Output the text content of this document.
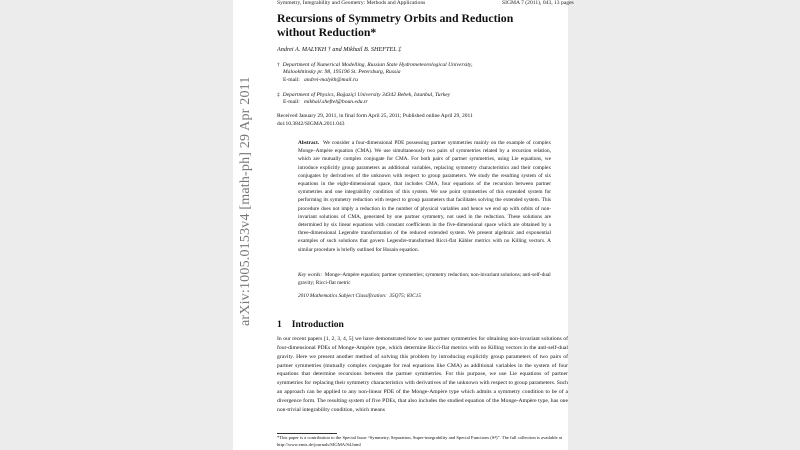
arXiv:1005.0153v4 [math-ph] 29 Apr 2011
Symmetry, Integrability and Geometry: Methods and Applications	SIGMA 7 (2011), 043, 13 pages
Recursions of Symmetry Orbits and Reduction
without Reduction*
Andrei A. MALYKH † and Mikhail B. SHEFTEL ‡
† Department of Numerical Modelling, Russian State Hydrometeorological University,
Malookhtinsky pr. 98, 195196 St. Petersburg, Russia
E-mail: andrei-malykh@mail.ru
‡ Department of Physics, Boğaziçi University 34342 Bebek, Istanbul, Turkey
E-mail: mikhail.sheftel@boun.edu.tr
Received January 29, 2011, in final form April 25, 2011; Published online April 29, 2011
doi:10.3842/SIGMA.2011.043
Abstract. We consider a four-dimensional PDE possessing partner symmetries mainly on the example of complex Monge–Ampère equation (CMA). We use simultaneously two pairs of symmetries related by a recursion relation, which are mutually complex conjugate for CMA. For both pairs of partner symmetries, using Lie equations, we introduce explicitly group parameters as additional variables, replacing symmetry characteristics and their complex conjugates by derivatives of the unknown with respect to group parameters. We study the resulting system of six equations in the eight-dimensional space, that includes CMA, four equations of the recursion between partner symmetries and one integrability condition of this system. We use point symmetries of this extended system for performing its symmetry reduction with respect to group parameters that facilitates solving the extended system. This procedure does not imply a reduction in the number of physical variables and hence we end up with orbits of non-invariant solutions of CMA, generated by one partner symmetry, not used in the reduction. These solutions are determined by six linear equations with constant coefficients in the five-dimensional space which are obtained by a three-dimensional Legendre transformation of the reduced extended system. We present algebraic and exponential examples of such solutions that govern Legendre-transformed Ricci-flat Kähler metrics with no Killing vectors. A similar procedure is briefly outlined for Husain equation.
Key words: Monge–Ampère equation; partner symmetries; symmetry reduction; non-invariant solutions; anti-self-dual gravity; Ricci-flat metric
2010 Mathematics Subject Classification: 35Q75; 83C15
1 Introduction
In our recent papers [1, 2, 3, 4, 5] we have demonstrated how to use partner symmetries for obtaining non-invariant solutions of four-dimensional PDEs of Monge-Ampère type, which determine Ricci-flat metrics with no Killing vectors in the anti-self-dual gravity. Here we present another method of solving this problem by introducing explicitly group parameters of two pairs of partner symmetries (mutually complex conjugate for real equations like CMA) as additional variables in the system of four equations that determine recursions between the partner symmetries. For this purpose, we use Lie equations of partner symmetries for replacing their symmetry characteristics with derivatives of the unknown with respect to group parameters. Such an approach can be applied to any non-linear PDE of the Monge-Ampère type which admits a symmetry condition to be of a divergence form. The resulting system of five PDEs, that also includes the studied equation of the Monge-Ampère type, has one non-trivial integrability condition, which means
*This paper is a contribution to the Special Issue “Symmetry, Separation, Super-integrability and Special Functions (S⁴)”. The full collection is available at http://www.emis.de/journals/SIGMA/S4.html
